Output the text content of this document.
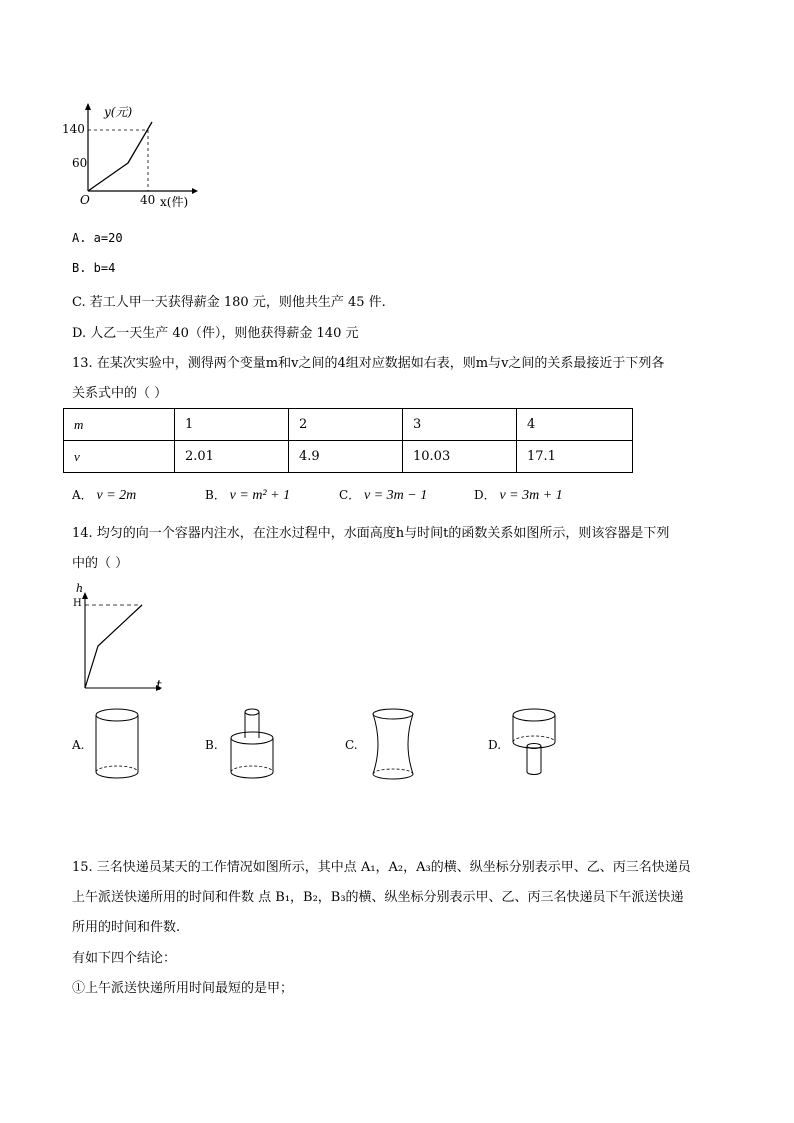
y(元)
140
60
O	40 x(件)
A. a=20
B. b=4
C. 若工人甲一天获得薪金 180 元，则他共生产 45 件.
D. 人乙一天生产 40（件），则他获得薪金 140 元
13. 在某次实验中，测得两个变量m和v之间的4组对应数据如右表，则m与v之间的关系最接近于下列各
关系式中的（ ）
m	1	2	3	4
v	2.01	4.9	10.03	17.1
A． v = 2m	B． v = m² + 1	C． v = 3m − 1	D． v = 3m + 1
14. 均匀的向一个容器内注水，在注水过程中，水面高度h与时间t的函数关系如图所示，则该容器是下列
中的（ ）
h
H
t
A.	B.	C.	D.
15. 三名快递员某天的工作情况如图所示，其中点 A₁，A₂，A₃的横、纵坐标分别表示甲、乙、丙三名快递员
上午派送快递所用的时间和件数 点 B₁，B₂，B₃的横、纵坐标分别表示甲、乙、丙三名快递员下午派送快递
所用的时间和件数.
有如下四个结论：
①上午派送快递所用时间最短的是甲；
